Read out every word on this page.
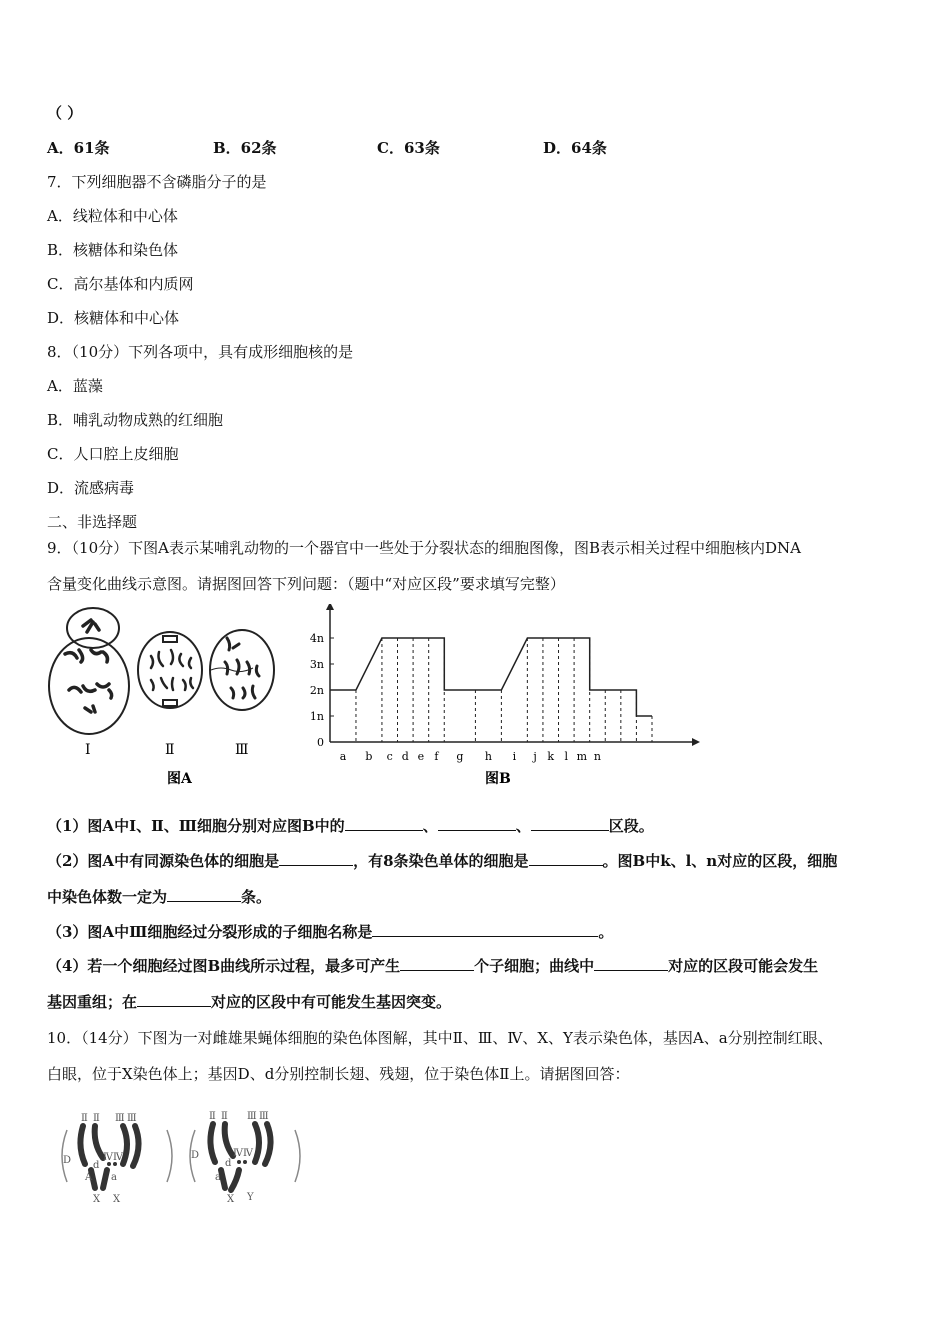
（ ）
A．61条	B．62条	C．63条	D．64条
7．下列细胞器不含磷脂分子的是
A．线粒体和中心体
B．核糖体和染色体
C．高尔基体和内质网
D．核糖体和中心体
8．（10分）下列各项中，具有成形细胞核的是
A．蓝藻
B．哺乳动物成熟的红细胞
C．人口腔上皮细胞
D．流感病毒
二、非选择题
9．（10分）下图A表示某哺乳动物的一个器官中一些处于分裂状态的细胞图像，图B表示相关过程中细胞核内DNA
含量变化曲线示意图。请据图回答下列问题：（题中“对应区段”要求填写完整）
Ⅰ	Ⅱ	Ⅲ
图A
0
1n
2n
3n
4n
a b c d e f g h i j k l m n
图B
（1）图A中Ⅰ、Ⅱ、Ⅲ细胞分别对应图B中的	、	、	区段。
（2）图A中有同源染色体的细胞是	，有8条染色单体的细胞是	。图B中k、l、n对应的区段，细胞
中染色体数一定为	条。
（3）图A中Ⅲ细胞经过分裂形成的子细胞名称是	。
（4）若一个细胞经过图B曲线所示过程，最多可产生	个子细胞；曲线中	对应的区段可能会发生
基因重组；在	对应的区段中有可能发生基因突变。
10．（14分）下图为一对雌雄果蝇体细胞的染色体图解，其中Ⅱ、Ⅲ、Ⅳ、X、Y表示染色体，基因A、a分别控制红眼、
白眼，位于X染色体上；基因D、d分别控制长翅、残翅，位于染色体Ⅱ上。请据图回答：
Ⅱ Ⅱ Ⅲ Ⅲ
D d
Ⅳ Ⅳ
A a
X X
Ⅱ Ⅱ Ⅲ Ⅲ
D
d
Ⅳ Ⅳ
a
X Y
